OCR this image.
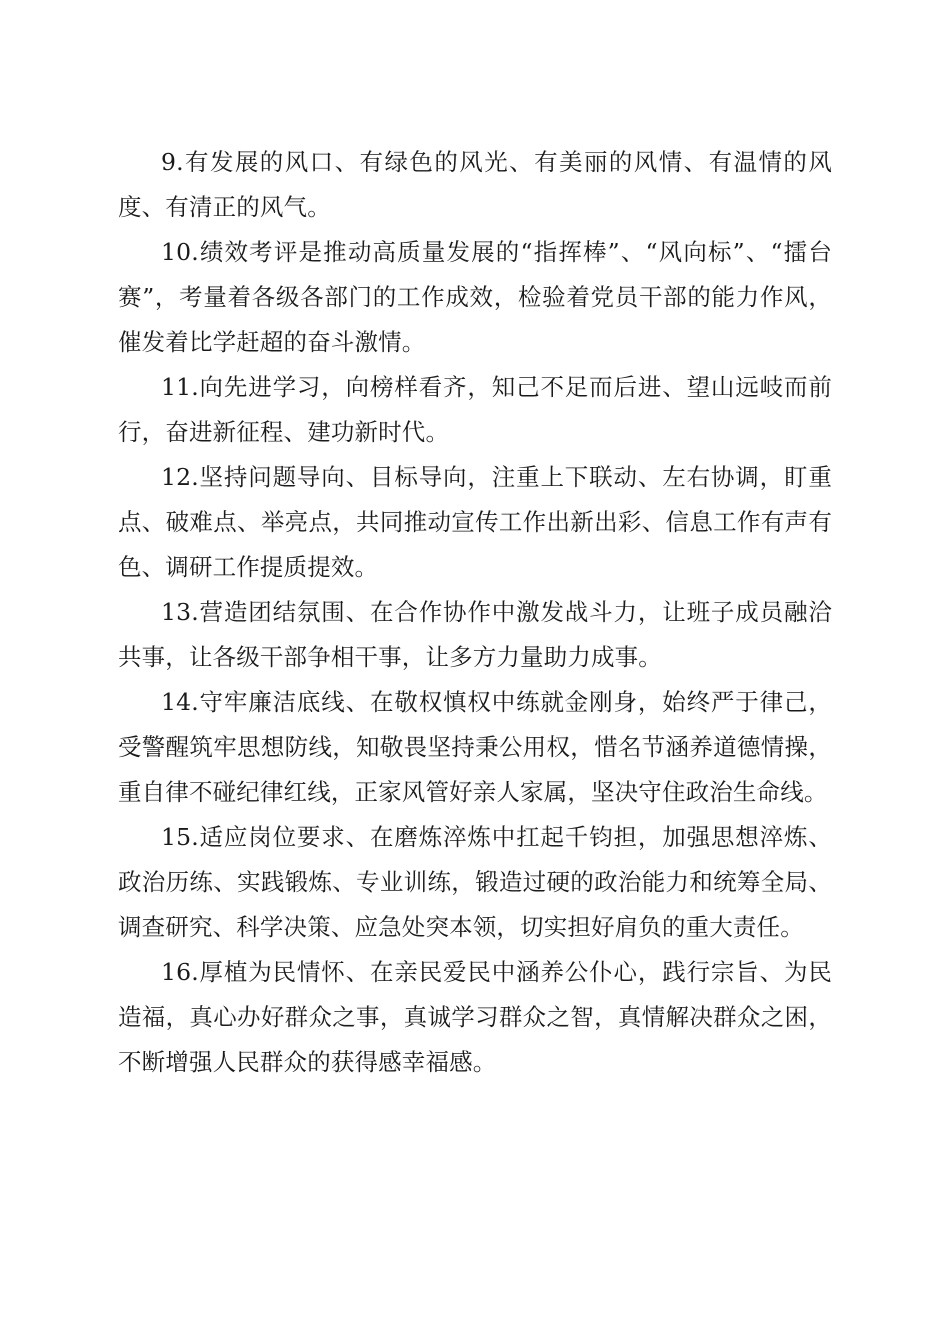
9.有发展的风口、有绿色的风光、有美丽的风情、有温情的风度、有清正的风气。

10.绩效考评是推动高质量发展的“指挥棒”、“风向标”、“擂台赛”，考量着各级各部门的工作成效，检验着党员干部的能力作风，催发着比学赶超的奋斗激情。

11.向先进学习，向榜样看齐，知己不足而后进、望山远岐而前行，奋进新征程、建功新时代。

12.坚持问题导向、目标导向，注重上下联动、左右协调，盯重点、破难点、举亮点，共同推动宣传工作出新出彩、信息工作有声有色、调研工作提质提效。

13.营造团结氛围、在合作协作中激发战斗力，让班子成员融洽共事，让各级干部争相干事，让多方力量助力成事。

14.守牢廉洁底线、在敬权慎权中练就金刚身，始终严于律己，受警醒筑牢思想防线，知敬畏坚持秉公用权，惜名节涵养道德情操，重自律不碰纪律红线，正家风管好亲人家属，坚决守住政治生命线。

15.适应岗位要求、在磨炼淬炼中扛起千钧担，加强思想淬炼、政治历练、实践锻炼、专业训练，锻造过硬的政治能力和统筹全局、调查研究、科学决策、应急处突本领，切实担好肩负的重大责任。

16.厚植为民情怀、在亲民爱民中涵养公仆心，践行宗旨、为民造福，真心办好群众之事，真诚学习群众之智，真情解决群众之困，不断增强人民群众的获得感幸福感。
